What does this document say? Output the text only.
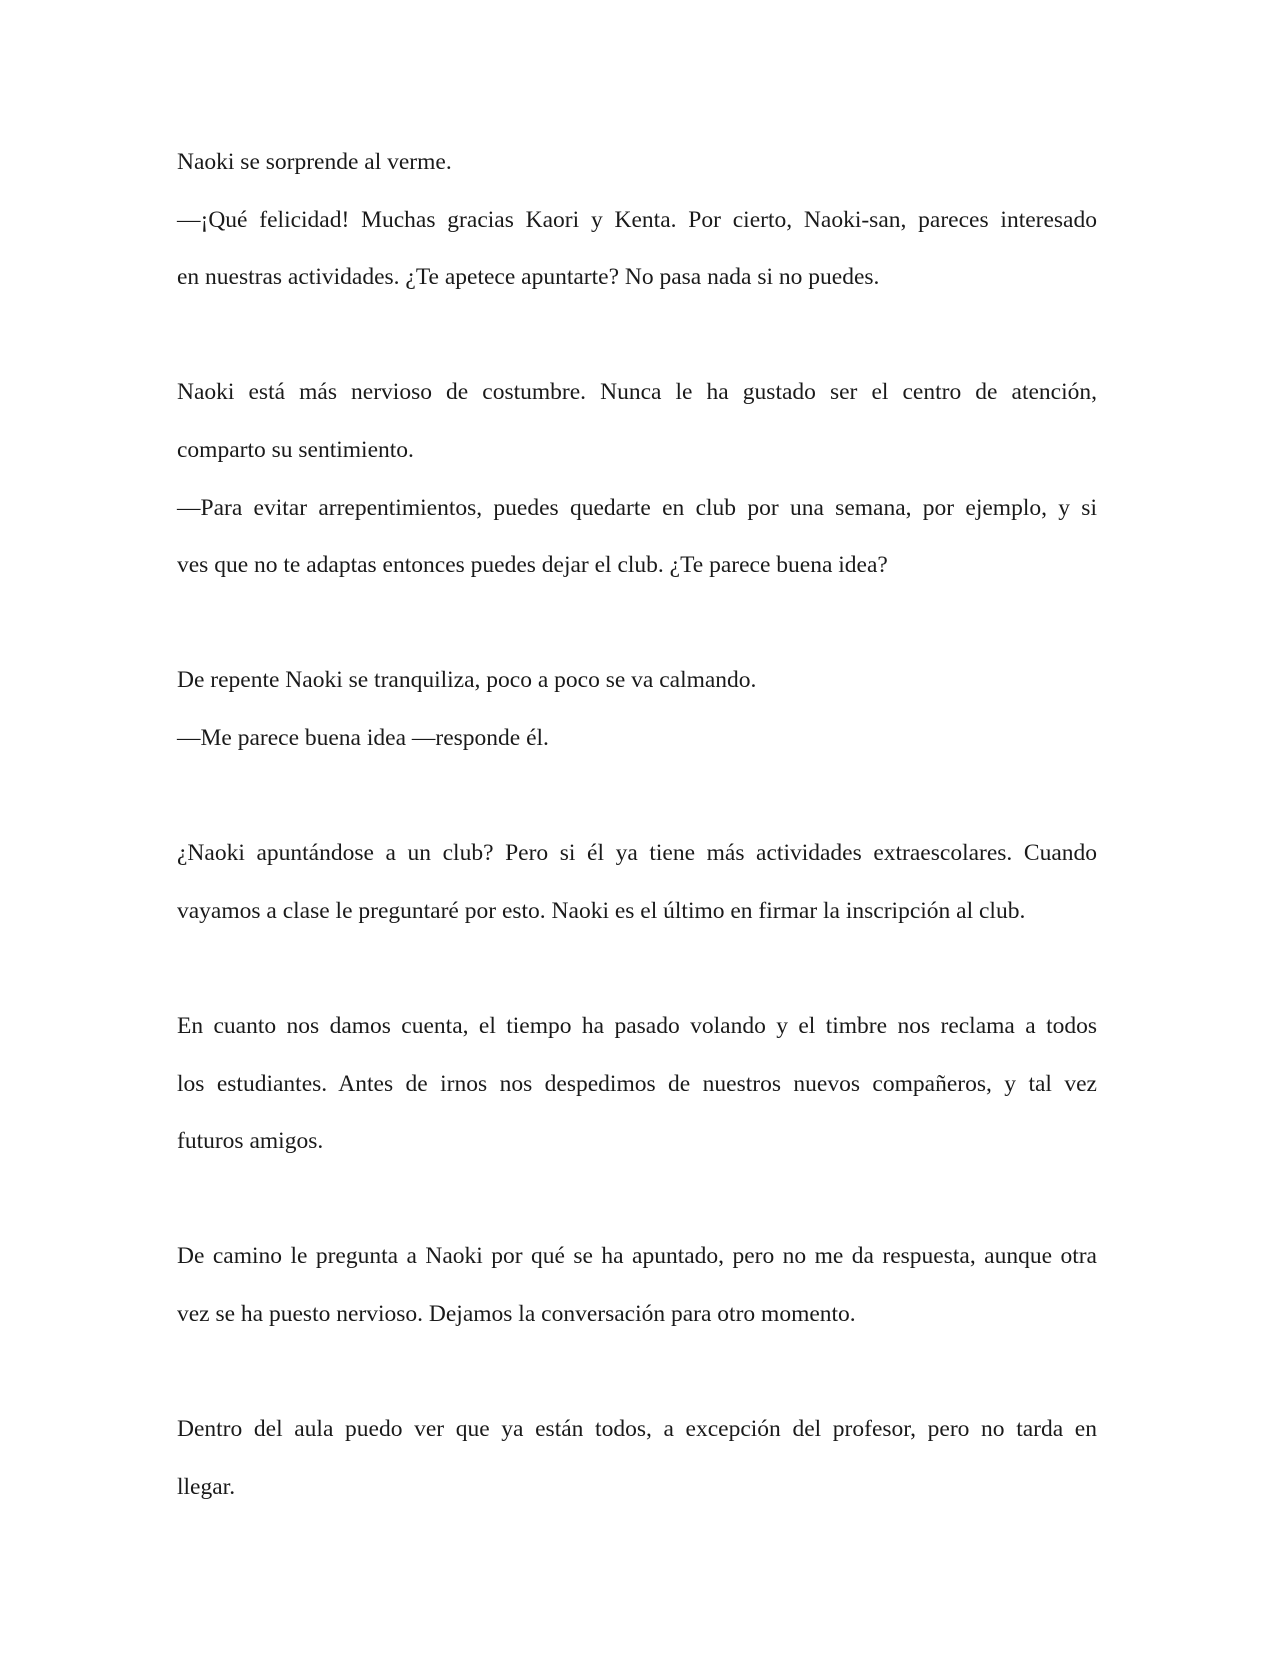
Naoki se sorprende al verme.
—¡Qué felicidad! Muchas gracias Kaori y Kenta. Por cierto, Naoki-san, pareces interesado
en nuestras actividades. ¿Te apetece apuntarte? No pasa nada si no puedes.
Naoki está más nervioso de costumbre. Nunca le ha gustado ser el centro de atención,
comparto su sentimiento.
—Para evitar arrepentimientos, puedes quedarte en club por una semana, por ejemplo, y si
ves que no te adaptas entonces puedes dejar el club. ¿Te parece buena idea?
De repente Naoki se tranquiliza, poco a poco se va calmando.
—Me parece buena idea —responde él.
¿Naoki apuntándose a un club? Pero si él ya tiene más actividades extraescolares. Cuando
vayamos a clase le preguntaré por esto. Naoki es el último en firmar la inscripción al club.
En cuanto nos damos cuenta, el tiempo ha pasado volando y el timbre nos reclama a todos
los estudiantes. Antes de irnos nos despedimos de nuestros nuevos compañeros, y tal vez
futuros amigos.
De camino le pregunta a Naoki por qué se ha apuntado, pero no me da respuesta, aunque otra
vez se ha puesto nervioso. Dejamos la conversación para otro momento.
Dentro del aula puedo ver que ya están todos, a excepción del profesor, pero no tarda en
llegar.
